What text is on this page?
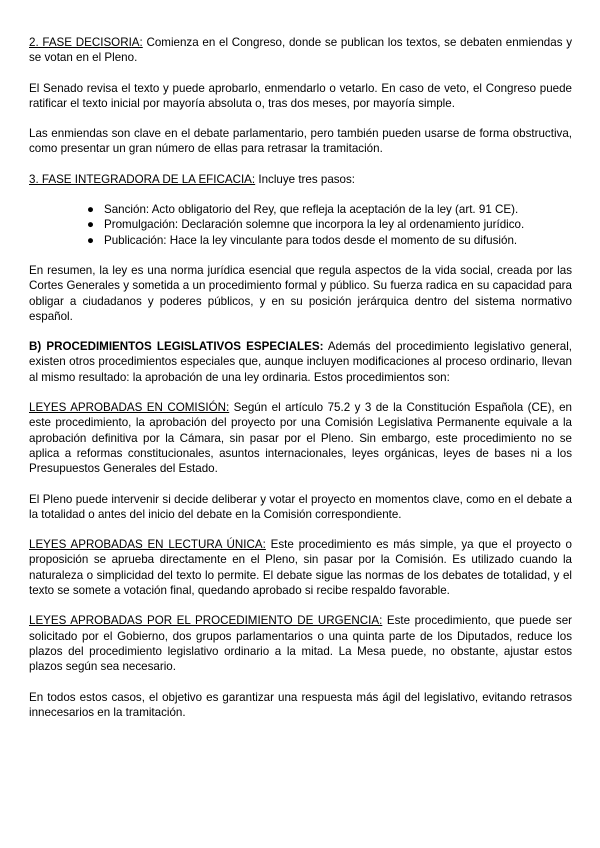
2. FASE DECISORIA: Comienza en el Congreso, donde se publican los textos, se debaten enmiendas y se votan en el Pleno.

El Senado revisa el texto y puede aprobarlo, enmendarlo o vetarlo. En caso de veto, el Congreso puede ratificar el texto inicial por mayoría absoluta o, tras dos meses, por mayoría simple.

Las enmiendas son clave en el debate parlamentario, pero también pueden usarse de forma obstructiva, como presentar un gran número de ellas para retrasar la tramitación.

3. FASE INTEGRADORA DE LA EFICACIA: Incluye tres pasos:

● Sanción: Acto obligatorio del Rey, que refleja la aceptación de la ley (art. 91 CE).
● Promulgación: Declaración solemne que incorpora la ley al ordenamiento jurídico.
● Publicación: Hace la ley vinculante para todos desde el momento de su difusión.

En resumen, la ley es una norma jurídica esencial que regula aspectos de la vida social, creada por las Cortes Generales y sometida a un procedimiento formal y público. Su fuerza radica en su capacidad para obligar a ciudadanos y poderes públicos, y en su posición jerárquica dentro del sistema normativo español.

B) PROCEDIMIENTOS LEGISLATIVOS ESPECIALES: Además del procedimiento legislativo general, existen otros procedimientos especiales que, aunque incluyen modificaciones al proceso ordinario, llevan al mismo resultado: la aprobación de una ley ordinaria. Estos procedimientos son:

LEYES APROBADAS EN COMISIÓN: Según el artículo 75.2 y 3 de la Constitución Española (CE), en este procedimiento, la aprobación del proyecto por una Comisión Legislativa Permanente equivale a la aprobación definitiva por la Cámara, sin pasar por el Pleno. Sin embargo, este procedimiento no se aplica a reformas constitucionales, asuntos internacionales, leyes orgánicas, leyes de bases ni a los Presupuestos Generales del Estado.

El Pleno puede intervenir si decide deliberar y votar el proyecto en momentos clave, como en el debate a la totalidad o antes del inicio del debate en la Comisión correspondiente.

LEYES APROBADAS EN LECTURA ÚNICA: Este procedimiento es más simple, ya que el proyecto o proposición se aprueba directamente en el Pleno, sin pasar por la Comisión. Es utilizado cuando la naturaleza o simplicidad del texto lo permite. El debate sigue las normas de los debates de totalidad, y el texto se somete a votación final, quedando aprobado si recibe respaldo favorable.

LEYES APROBADAS POR EL PROCEDIMIENTO DE URGENCIA: Este procedimiento, que puede ser solicitado por el Gobierno, dos grupos parlamentarios o una quinta parte de los Diputados, reduce los plazos del procedimiento legislativo ordinario a la mitad. La Mesa puede, no obstante, ajustar estos plazos según sea necesario.

En todos estos casos, el objetivo es garantizar una respuesta más ágil del legislativo, evitando retrasos innecesarios en la tramitación.
